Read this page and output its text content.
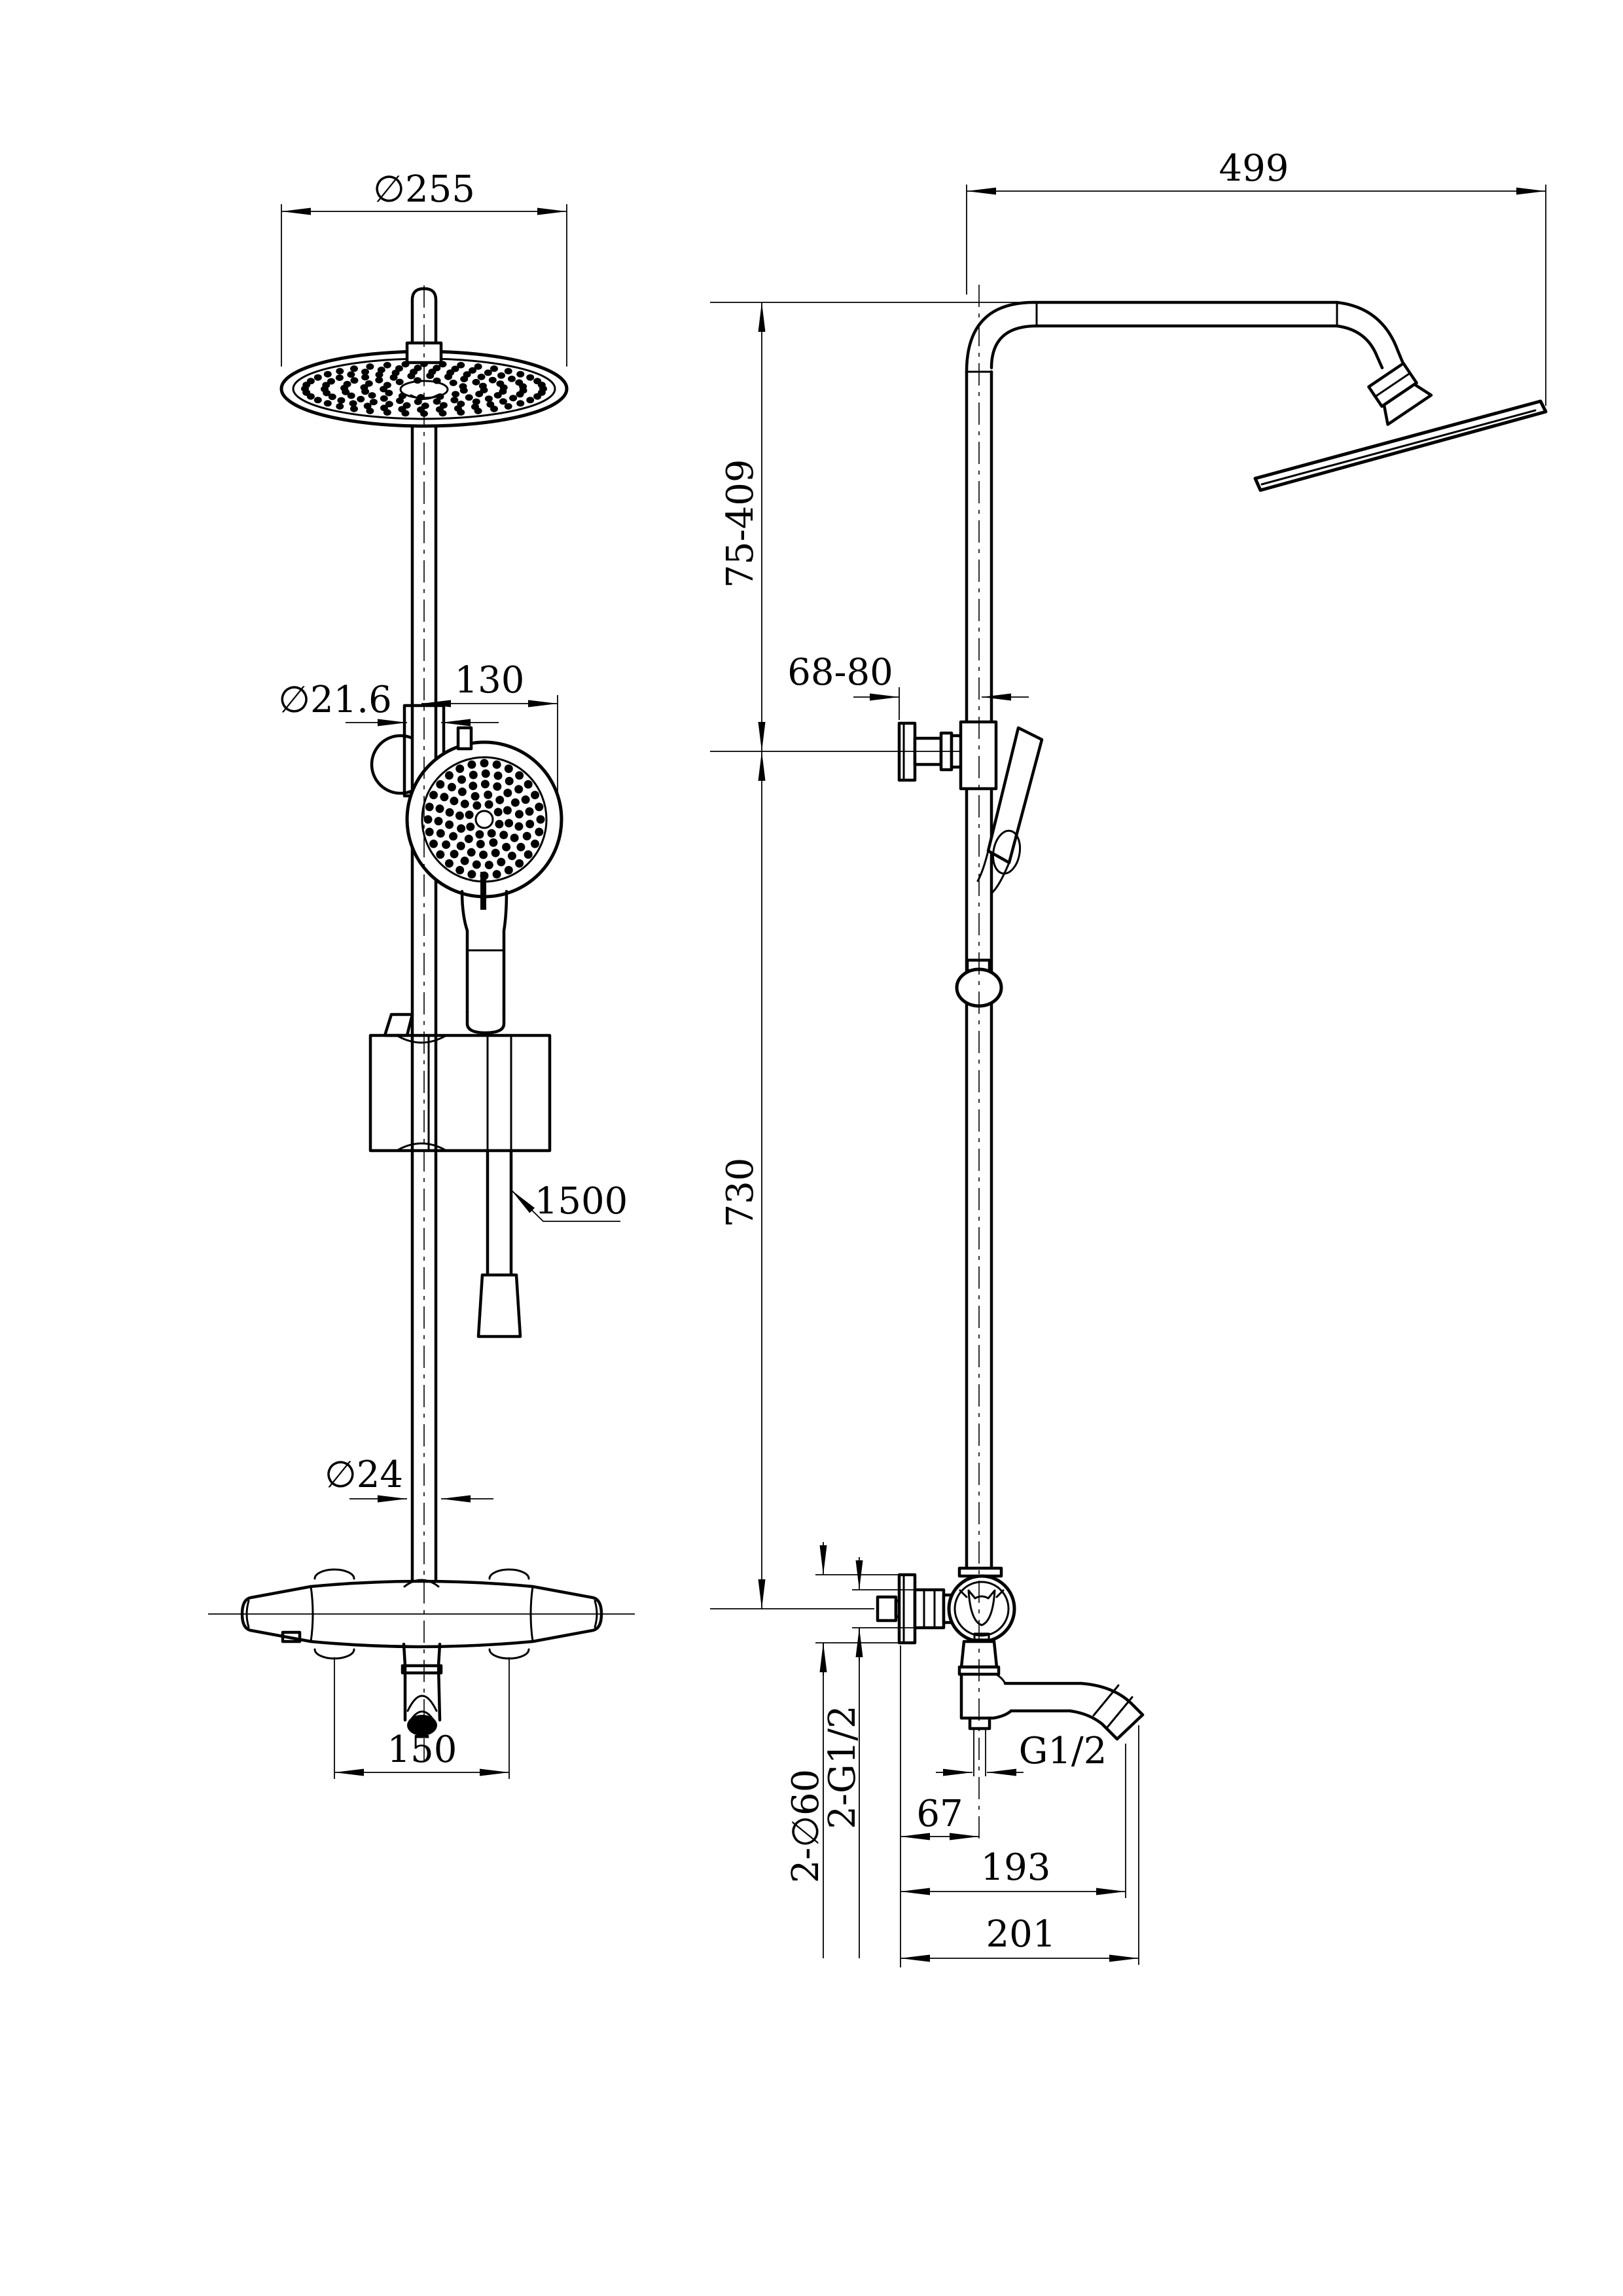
∅255
∅21.6 130
1500
∅24
150
499
75-409
68-80
730
2-∅60
2-G1/2	G1/2
67
193
201
